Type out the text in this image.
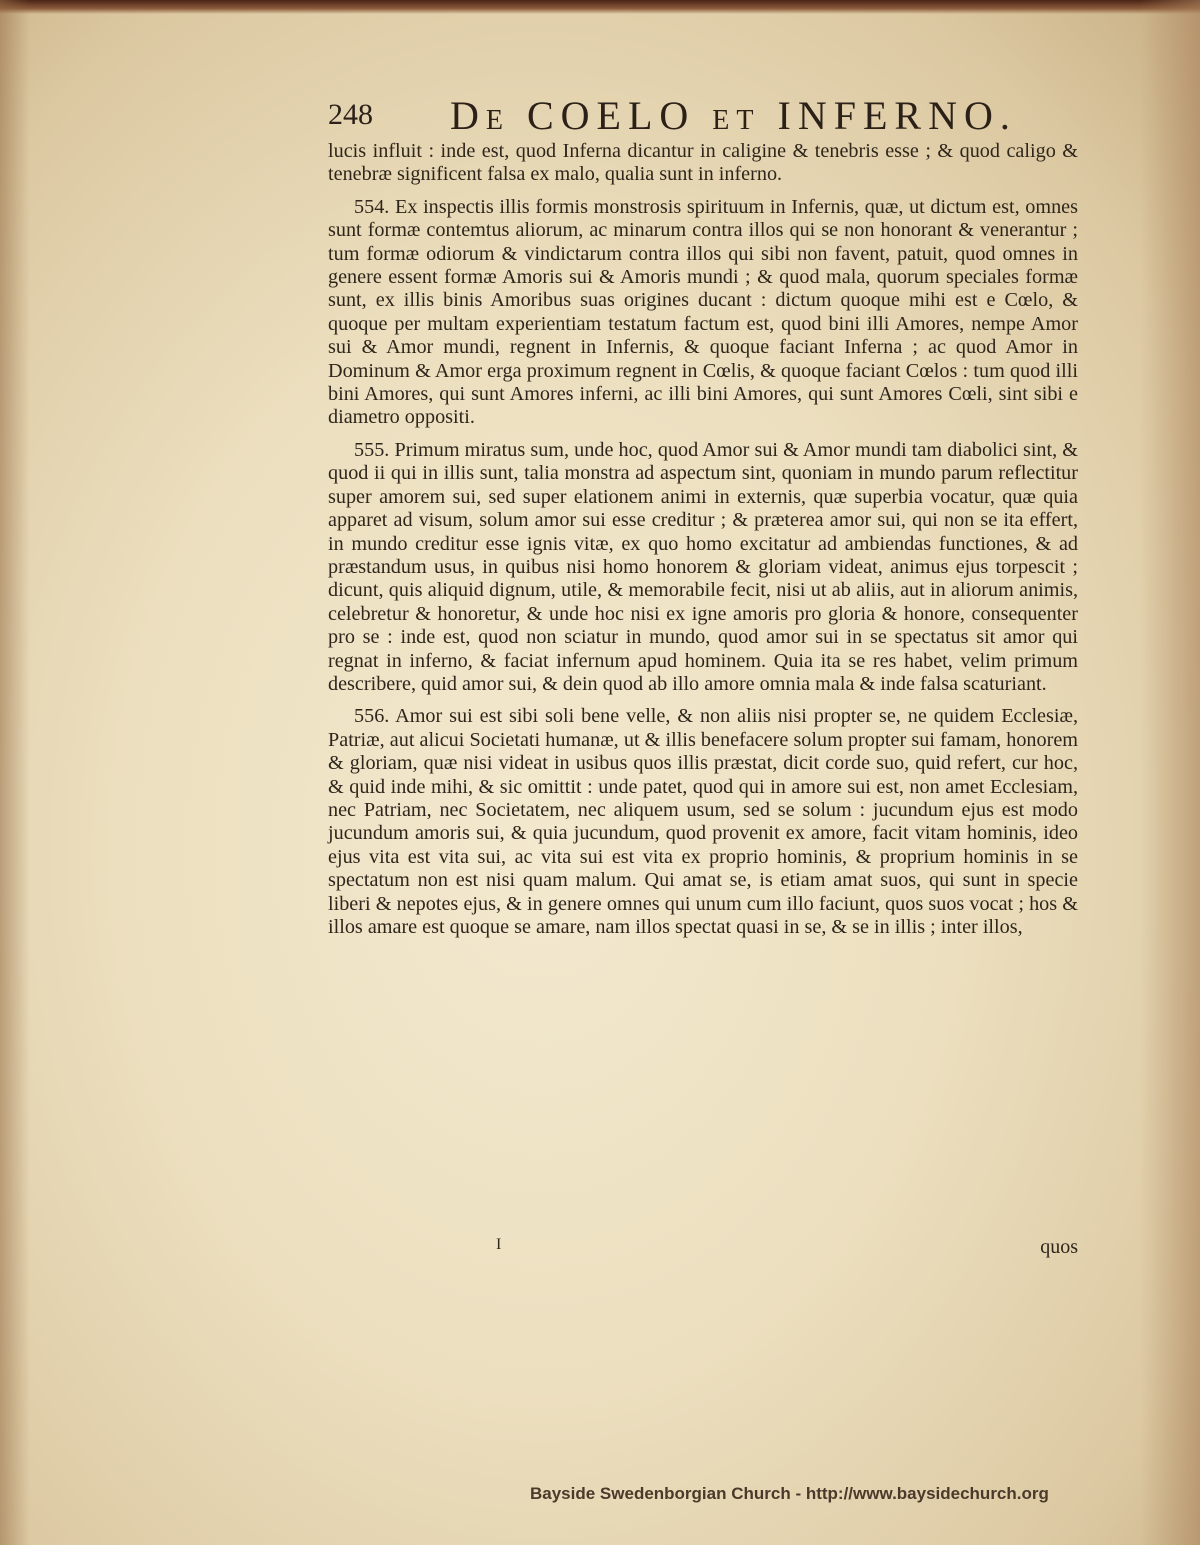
248 De COELO et INFERNO.

lucis influit : inde est, quod Inferna dicantur in caligine & tenebris esse ; & quod caligo & tenebræ significent falsa ex malo, qualia sunt in inferno.

554. Ex inspectis illis formis monstrosis spirituum in Infernis, quæ, ut dictum est, omnes sunt formæ contemtus aliorum, ac minarum contra illos qui se non honorant & venerantur ; tum formæ odiorum & vindictarum contra illos qui sibi non favent, patuit, quod omnes in genere essent formæ Amoris sui & Amoris mundi ; & quod mala, quorum speciales formæ sunt, ex illis binis Amoribus suas origines ducant : dictum quoque mihi est e Cœlo, & quoque per multam experientiam testatum factum est, quod bini illi Amores, nempe Amor sui & Amor mundi, regnent in Infernis, & quoque faciant Inferna ; ac quod Amor in Dominum & Amor erga proximum regnent in Cœlis, & quoque faciant Cœlos : tum quod illi bini Amores, qui sunt Amores inferni, ac illi bini Amores, qui sunt Amores Cœli, sint sibi e diametro oppositi.

555. Primum miratus sum, unde hoc, quod Amor sui & Amor mundi tam diabolici sint, & quod ii qui in illis sunt, talia monstra ad aspectum sint, quoniam in mundo parum reflectitur super amorem sui, sed super elationem animi in externis, quæ superbia vocatur, quæ quia apparet ad visum, solum amor sui esse creditur ; & præterea amor sui, qui non se ita effert, in mundo creditur esse ignis vitæ, ex quo homo excitatur ad ambiendas functiones, & ad præstandum usus, in quibus nisi homo honorem & gloriam videat, animus ejus torpescit ; dicunt, quis aliquid dignum, utile, & memorabile fecit, nisi ut ab aliis, aut in aliorum animis, celebretur & honoretur, & unde hoc nisi ex igne amoris pro gloria & honore, consequenter pro se : inde est, quod non sciatur in mundo, quod amor sui in se spectatus sit amor qui regnat in inferno, & faciat infernum apud hominem. Quia ita se res habet, velim primum describere, quid amor sui, & dein quod ab illo amore omnia mala & inde falsa scaturiant.

556. Amor sui est sibi soli bene velle, & non aliis nisi propter se, ne quidem Ecclesiæ, Patriæ, aut alicui Societati humanæ, ut & illis benefacere solum propter sui famam, honorem & gloriam, quæ nisi videat in usibus quos illis præstat, dicit corde suo, quid refert, cur hoc, & quid inde mihi, & sic omittit : unde patet, quod qui in amore sui est, non amet Ecclesiam, nec Patriam, nec Societatem, nec aliquem usum, sed se solum : jucundum ejus est modo jucundum amoris sui, & quia jucundum, quod provenit ex amore, facit vitam hominis, ideo ejus vita est vita sui, ac vita sui est vita ex proprio hominis, & proprium hominis in se spectatum non est nisi quam malum. Qui amat se, is etiam amat suos, qui sunt in specie liberi & nepotes ejus, & in genere omnes qui unum cum illo faciunt, quos suos vocat ; hos & illos amare est quoque se amare, nam illos spectat quasi in se, & se in illis ; inter illos,

I	quos
Bayside Swedenborgian Church - http://www.baysidechurch.org
